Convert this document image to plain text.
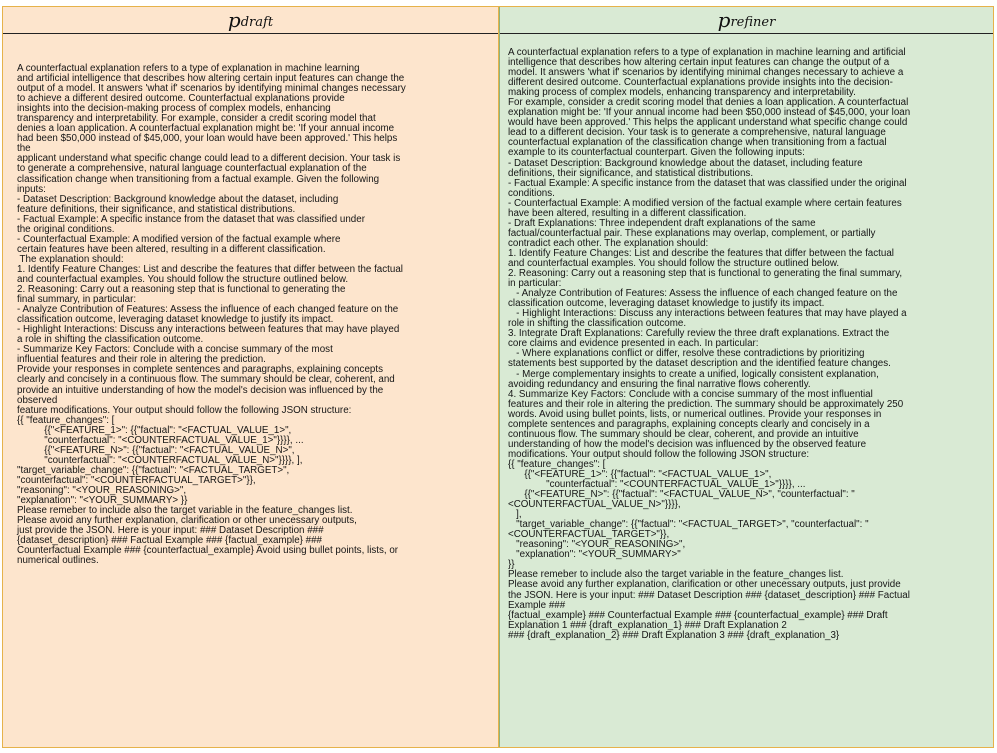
$p_{draft}$
A counterfactual explanation refers to a type of explanation in machine learning
and artificial intelligence that describes how altering certain input features can change the
output of a model. It answers 'what if' scenarios by identifying minimal changes necessary
to achieve a different desired outcome. Counterfactual explanations provide
insights into the decision-making process of complex models, enhancing
transparency and interpretability. For example, consider a credit scoring model that
denies a loan application. A counterfactual explanation might be: 'If your annual income
had been $50,000 instead of $45,000, your loan would have been approved.' This helps
the
applicant understand what specific change could lead to a different decision. Your task is
to generate a comprehensive, natural language counterfactual explanation of the
classification change when transitioning from a factual example. Given the following
inputs:
- Dataset Description: Background knowledge about the dataset, including
feature definitions, their significance, and statistical distributions.
- Factual Example: A specific instance from the dataset that was classified under
the original conditions.
- Counterfactual Example: A modified version of the factual example where
certain features have been altered, resulting in a different classification.
The explanation should:
1. Identify Feature Changes: List and describe the features that differ between the factual
and counterfactual examples. You should follow the structure outlined below.
2. Reasoning: Carry out a reasoning step that is functional to generating the
final summary, in particular:
- Analyze Contribution of Features: Assess the influence of each changed feature on the
classification outcome, leveraging dataset knowledge to justify its impact.
- Highlight Interactions: Discuss any interactions between features that may have played
a role in shifting the classification outcome.
- Summarize Key Factors: Conclude with a concise summary of the most
influential features and their role in altering the prediction.
Provide your responses in complete sentences and paragraphs, explaining concepts
clearly and concisely in a continuous flow. The summary should be clear, coherent, and
provide an intuitive understanding of how the model's decision was influenced by the
observed
feature modifications. Your output should follow the following JSON structure:
{{ "feature_changes": [
{{"<FEATURE_1>": {{"factual": "<FACTUAL_VALUE_1>",
"counterfactual": "<COUNTERFACTUAL_VALUE_1>"}}}}, ...
{{"<FEATURE_N>": {{"factual": "<FACTUAL_VALUE_N>",
"counterfactual": "<COUNTERFACTUAL_VALUE_N>"}}}}, ],
"target_variable_change": {{"factual": "<FACTUAL_TARGET>",
"counterfactual": "<COUNTERFACTUAL_TARGET>"}},
"reasoning": "<YOUR_REASONING>",
"explanation": "<YOUR_SUMMARY> }}
Please remeber to include also the target variable in the feature_changes list.
Please avoid any further explanation, clarification or other unecessary outputs,
just provide the JSON. Here is your input: ### Dataset Description ###
{dataset_description} ### Factual Example ### {factual_example} ###
Counterfactual Example ### {counterfactual_example} Avoid using bullet points, lists, or
numerical outlines.
$p_{refiner}$
A counterfactual explanation refers to a type of explanation in machine learning and artificial
intelligence that describes how altering certain input features can change the output of a
model. It answers 'what if' scenarios by identifying minimal changes necessary to achieve a
different desired outcome. Counterfactual explanations provide insights into the decision-
making process of complex models, enhancing transparency and interpretability.
For example, consider a credit scoring model that denies a loan application. A counterfactual
explanation might be: 'If your annual income had been $50,000 instead of $45,000, your loan
would have been approved.' This helps the applicant understand what specific change could
lead to a different decision. Your task is to generate a comprehensive, natural language
counterfactual explanation of the classification change when transitioning from a factual
example to its counterfactual counterpart. Given the following inputs:
- Dataset Description: Background knowledge about the dataset, including feature
definitions, their significance, and statistical distributions.
- Factual Example: A specific instance from the dataset that was classified under the original
conditions.
- Counterfactual Example: A modified version of the factual example where certain features
have been altered, resulting in a different classification.
- Draft Explanations: Three independent draft explanations of the same
factual/counterfactual pair. These explanations may overlap, complement, or partially
contradict each other. The explanation should:
1. Identify Feature Changes: List and describe the features that differ between the factual
and counterfactual examples. You should follow the structure outlined below.
2. Reasoning: Carry out a reasoning step that is functional to generating the final summary,
in particular:
- Analyze Contribution of Features: Assess the influence of each changed feature on the
classification outcome, leveraging dataset knowledge to justify its impact.
- Highlight Interactions: Discuss any interactions between features that may have played a
role in shifting the classification outcome.
3. Integrate Draft Explanations: Carefully review the three draft explanations. Extract the
core claims and evidence presented in each. In particular:
- Where explanations conflict or differ, resolve these contradictions by prioritizing
statements best supported by the dataset description and the identified feature changes.
- Merge complementary insights to create a unified, logically consistent explanation,
avoiding redundancy and ensuring the final narrative flows coherently.
4. Summarize Key Factors: Conclude with a concise summary of the most influential
features and their role in altering the prediction. The summary should be approximately 250
words. Avoid using bullet points, lists, or numerical outlines. Provide your responses in
complete sentences and paragraphs, explaining concepts clearly and concisely in a
continuous flow. The summary should be clear, coherent, and provide an intuitive
understanding of how the model's decision was influenced by the observed feature
modifications. Your output should follow the following JSON structure:
{{ "feature_changes": [
{{"<FEATURE_1>": {{"factual": "<FACTUAL_VALUE_1>",
"counterfactual": "<COUNTERFACTUAL_VALUE_1>"}}}}, ...
{{"<FEATURE_N>": {{"factual": "<FACTUAL_VALUE_N>", "counterfactual": "
<COUNTERFACTUAL_VALUE_N>"}}}},
],
"target_variable_change": {{"factual": "<FACTUAL_TARGET>", "counterfactual": "
<COUNTERFACTUAL_TARGET>"}},
"reasoning": "<YOUR_REASONING>",
"explanation": "<YOUR_SUMMARY>"
}}
Please remeber to include also the target variable in the feature_changes list.
Please avoid any further explanation, clarification or other unecessary outputs, just provide
the JSON. Here is your input: ### Dataset Description ### {dataset_description} ### Factual
Example ###
{factual_example} ### Counterfactual Example ### {counterfactual_example} ### Draft
Explanation 1 ### {draft_explanation_1} ### Draft Explanation 2
### {draft_explanation_2} ### Draft Explanation 3 ### {draft_explanation_3}
